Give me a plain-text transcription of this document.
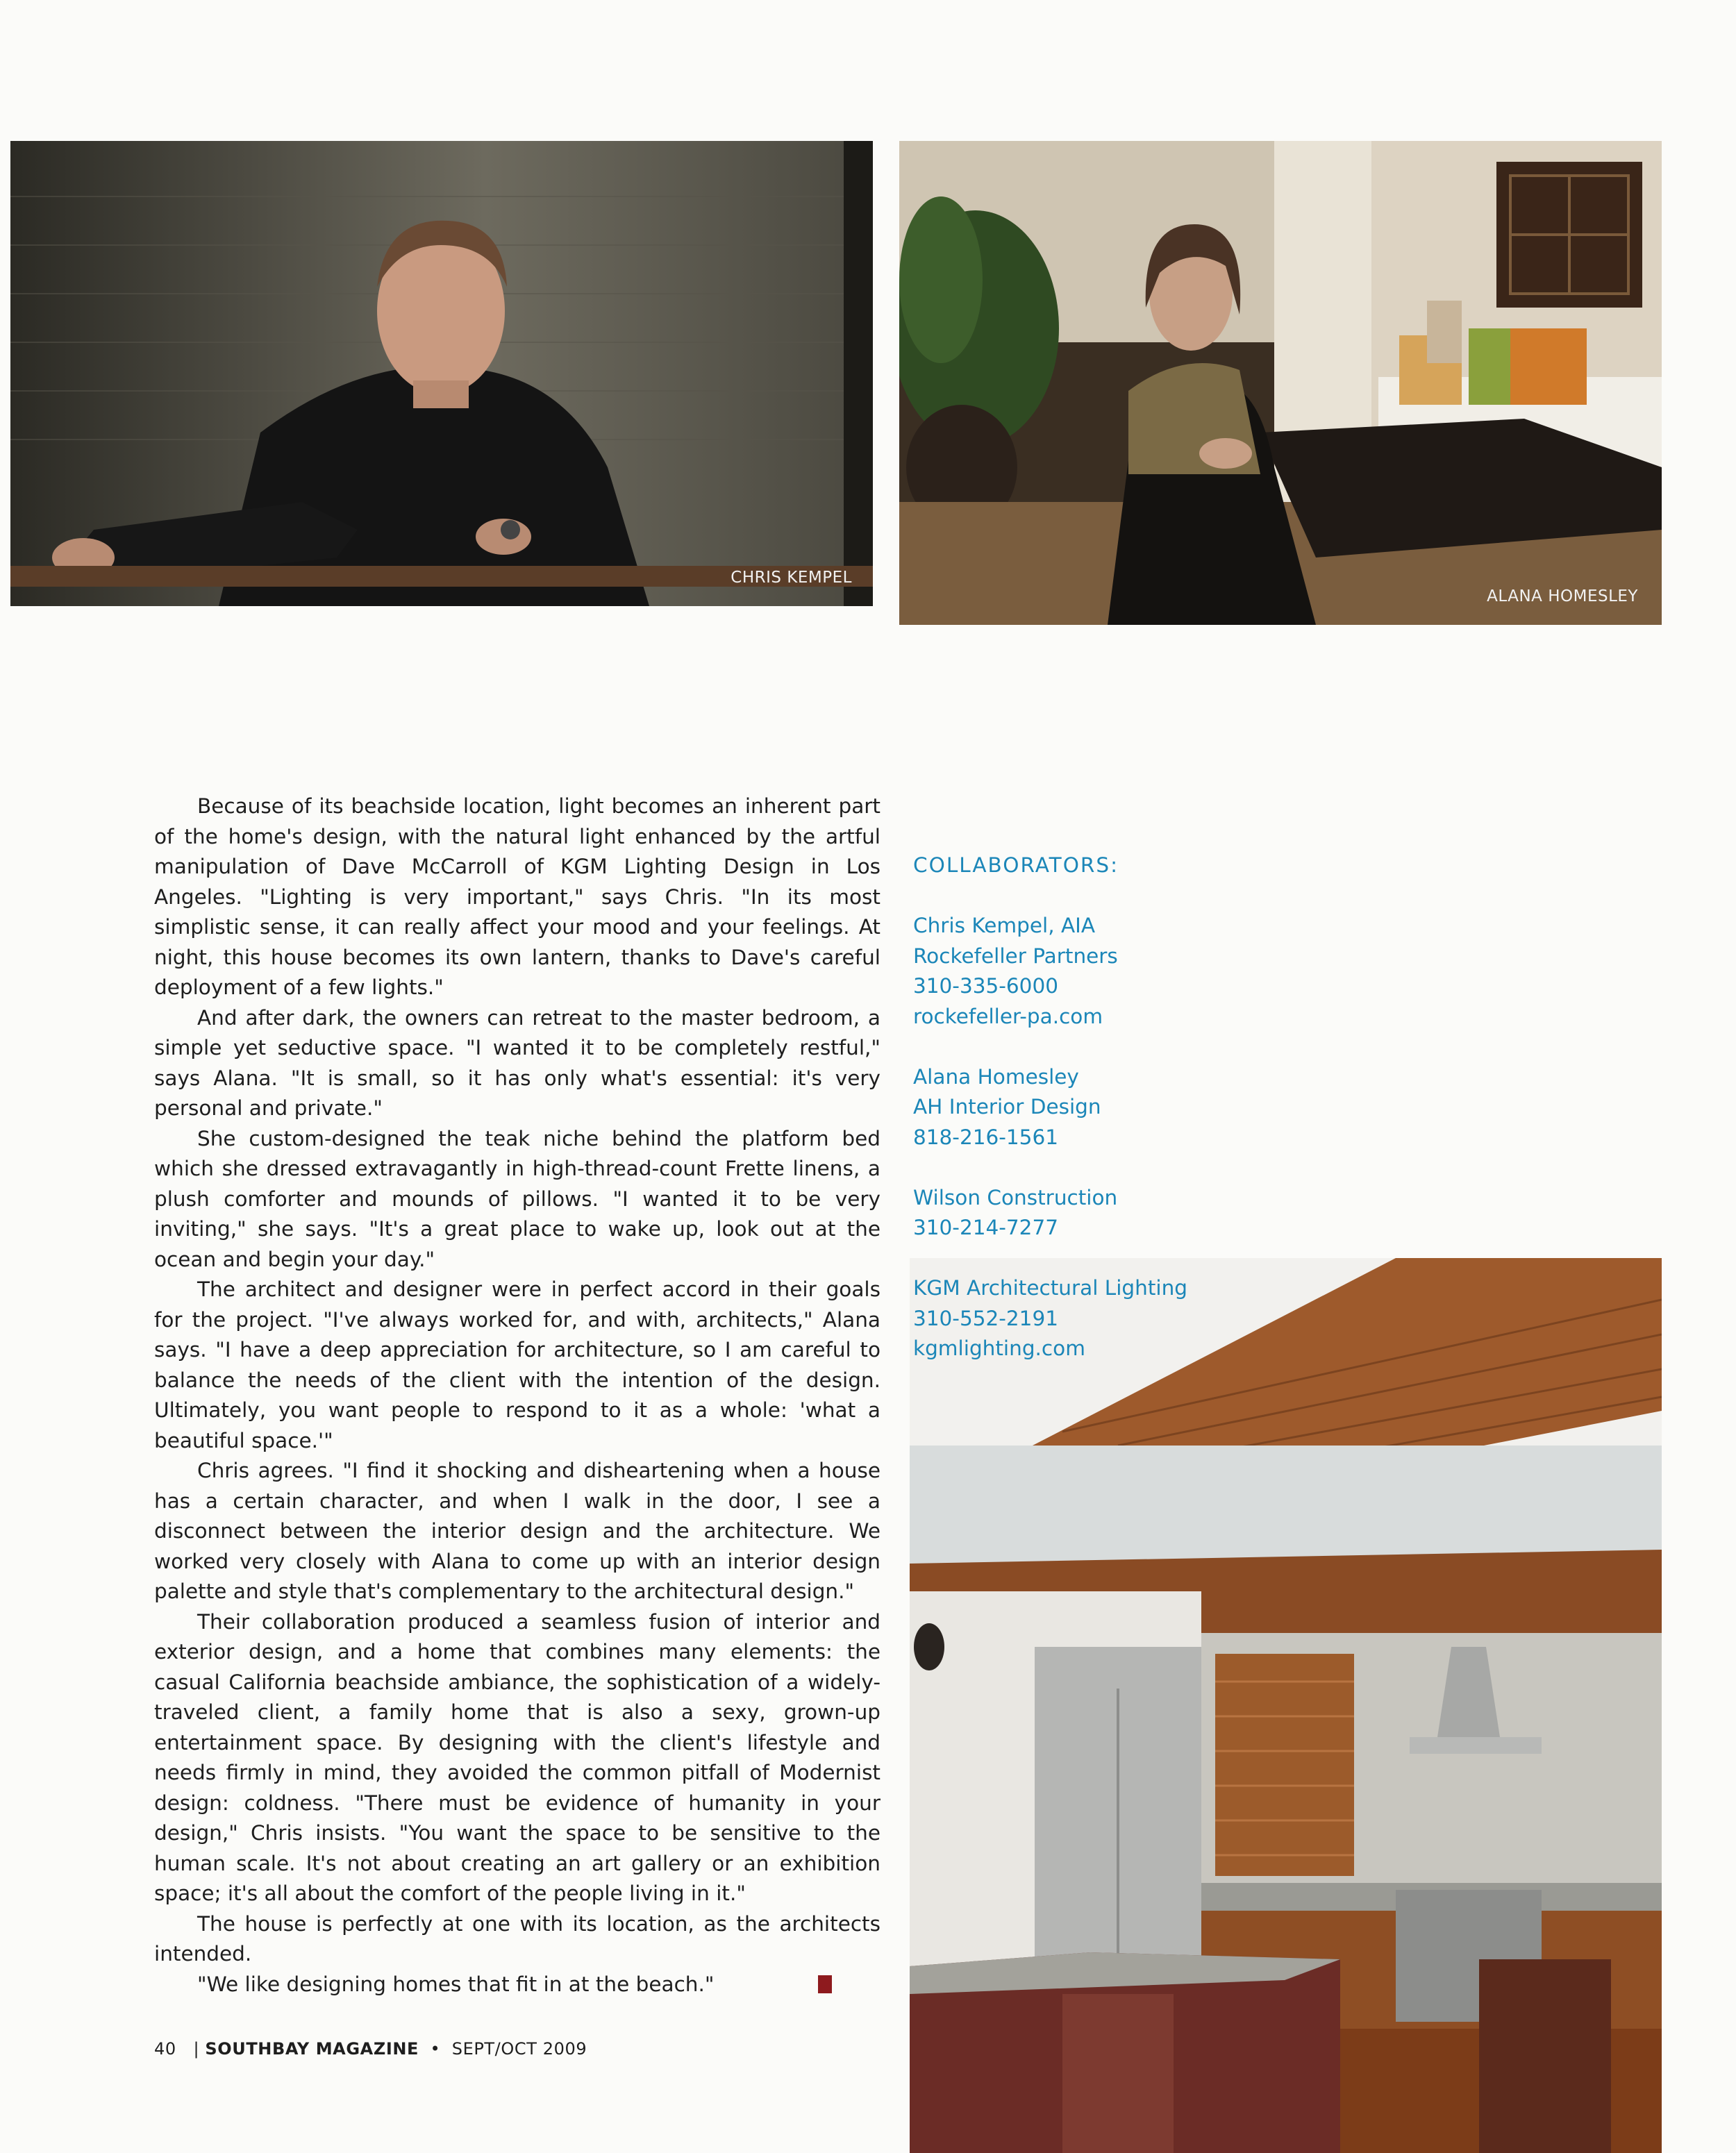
CHRIS KEMPEL
ALANA HOMESLEY

Because of its beachside location, light becomes an inherent part of the home's design, with the natural light enhanced by the artful manipulation of Dave McCarroll of KGM Lighting Design in Los Angeles. "Lighting is very important," says Chris. "In its most simplistic sense, it can really affect your mood and your feelings. At night, this house becomes its own lantern, thanks to Dave's careful deployment of a few lights."

And after dark, the owners can retreat to the master bedroom, a simple yet seductive space. "I wanted it to be completely restful," says Alana. "It is small, so it has only what's essential: it's very personal and private."

She custom-designed the teak niche behind the platform bed which she dressed extravagantly in high-thread-count Frette linens, a plush comforter and mounds of pillows. "I wanted it to be very inviting," she says. "It's a great place to wake up, look out at the ocean and begin your day."

The architect and designer were in perfect accord in their goals for the project. "I've always worked for, and with, architects," Alana says. "I have a deep appreciation for architecture, so I am careful to balance the needs of the client with the intention of the design. Ultimately, you want people to respond to it as a whole: 'what a beautiful space.'"

Chris agrees. "I find it shocking and disheartening when a house has a certain character, and when I walk in the door, I see a disconnect between the interior design and the architecture. We worked very closely with Alana to come up with an interior design palette and style that's complementary to the architectural design."

Their collaboration produced a seamless fusion of interior and exterior design, and a home that combines many elements: the casual California beachside ambiance, the sophistication of a widely-traveled client, a family home that is also a sexy, grown-up entertainment space. By designing with the client's lifestyle and needs firmly in mind, they avoided the common pitfall of Modernist design: coldness. "There must be evidence of humanity in your design," Chris insists. "You want the space to be sensitive to the human scale. It's not about creating an art gallery or an exhibition space; it's all about the comfort of the people living in it."

The house is perfectly at one with its location, as the architects intended.

"We like designing homes that fit in at the beach."

COLLABORATORS:
Chris Kempel, AIA
Rockefeller Partners
310-335-6000
rockefeller-pa.com
Alana Homesley
AH Interior Design
818-216-1561
Wilson Construction
310-214-7277
KGM Architectural Lighting
310-552-2191
kgmlighting.com
40 | SOUTHBAY MAGAZINE • SEPT/OCT 2009
